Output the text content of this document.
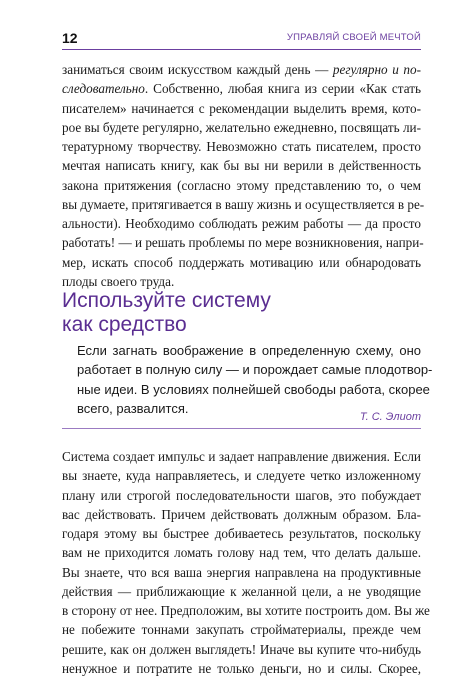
12	УПРАВЛЯЙ СВОЕЙ МЕЧТОЙ
заниматься своим искусством каждый день — регулярно и по-
следовательно. Собственно, любая книга из серии «Как стать
писателем» начинается с рекомендации выделить время, кото-
рое вы будете регулярно, желательно ежедневно, посвящать ли-
тературному творчеству. Невозможно стать писателем, просто
мечтая написать книгу, как бы вы ни верили в действенность
закона притяжения (согласно этому представлению то, о чем
вы думаете, притягивается в вашу жизнь и осуществляется в ре-
альности). Необходимо соблюдать режим работы — да просто
работать! — и решать проблемы по мере возникновения, напри-
мер, искать способ поддержать мотивацию или обнародовать
плоды своего труда.
Используйте систему
как средство
Если загнать воображение в определенную схему, оно
работает в полную силу — и порождает самые плодотвор-
ные идеи. В условиях полнейшей свободы работа, скорее
всего, развалится.
Т. С. Элиот
Система создает импульс и задает направление движения. Если
вы знаете, куда направляетесь, и следуете четко изложенному
плану или строгой последовательности шагов, это побуждает
вас действовать. Причем действовать должным образом. Бла-
годаря этому вы быстрее добиваетесь результатов, поскольку
вам не приходится ломать голову над тем, что делать дальше.
Вы знаете, что вся ваша энергия направлена на продуктивные
действия — приближающие к желанной цели, а не уводящие
в сторону от нее. Предположим, вы хотите построить дом. Вы же
не побежите тоннами закупать стройматериалы, прежде чем
решите, как он должен выглядеть! Иначе вы купите что-нибудь
ненужное и потратите не только деньги, но и силы. Скорее,
